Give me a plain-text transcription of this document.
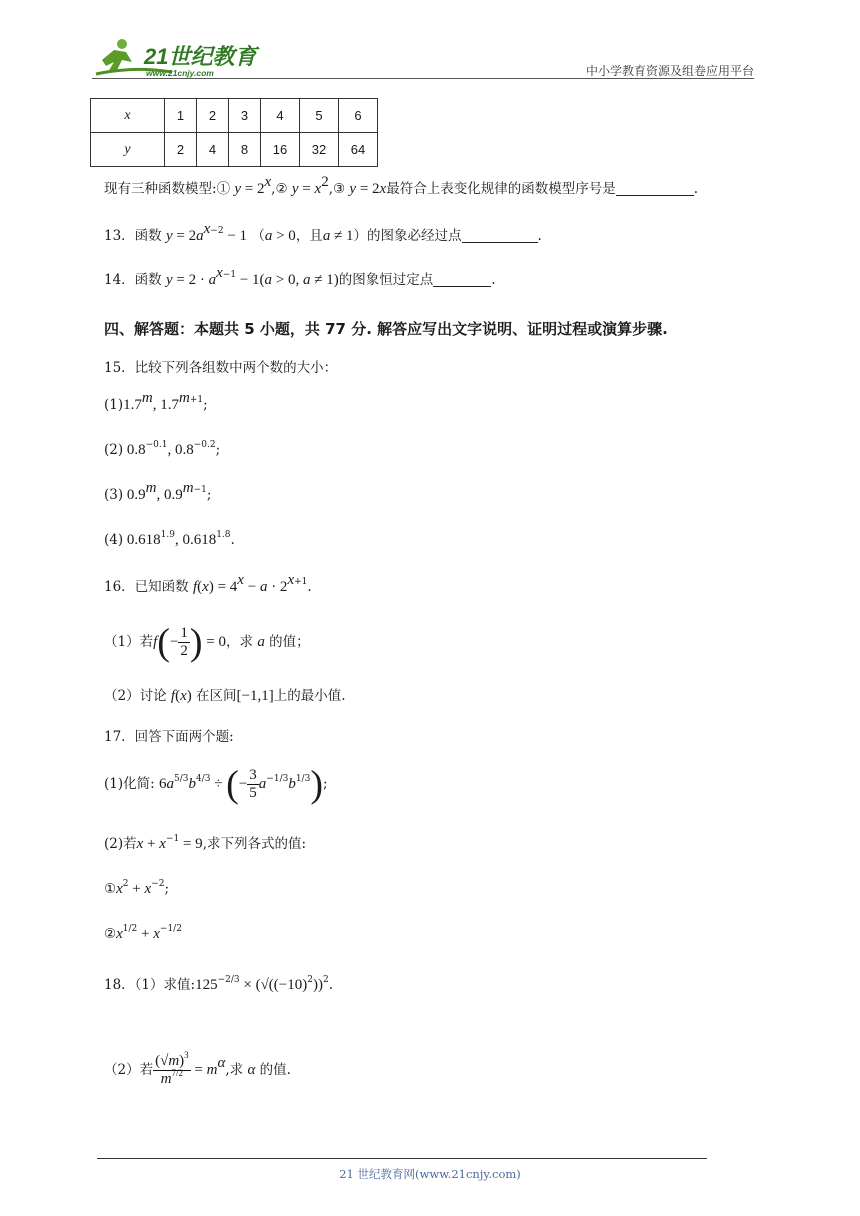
21世纪教育
www.21cnjy.com	中小学教育资源及组卷应用平台
x	1	2	3	4	5	6
y	2	4	8	16	32	64
现有三种函数模型:① $y = 2^x,②$ $y = x^2,③$ y = 2x最符合上表变化规律的函数模型序号是	.
13．函数 $y = 2a^{x-2} - 1$ （a > 0，且a ≠ 1）的图象必经过点	.
14．函数 $y = 2 \cdot a^{x-1} - 1(a > 0$, a ≠ 1)的图象恒过定点	.
四、解答题：本题共 5 小题，共 77 分. 解答应写出文字说明、证明过程或演算步骤.
15．比较下列各组数中两个数的大小：
(1)1.7$^m$, $1.7^{m+1}$;
(2) $0.8^{-0.1}$, $0.8^{-0.2}$;
(3) 0.9$^m$, $0.9^{m-1}$;
(4) $0.618^{1.9}$, $0.618^{1.8}$.
16．已知函数 $f(x) = 4^x - a \cdot 2^{x+1}$.
（1）若$f(- \frac{1}{2}$ ) = 0，求 a 的值；
（2）讨论 f(x) 在区间[−1,1]上的最小值.
17．回答下面两个题:
(1)化简: $6a^{5/3}b^{4/3}$ ÷ (− $\frac{3}{5} a^{-1/3}b^{1/3}$);
(2)若$x + x^{-1} = 9$,求下列各式的值:
$①x^2 + x^{-2}$;
$②x^{1/2} + x^{-1/2}$
18．（1）求值$:125^{-2/3} \times (√((-10)^2))^2$.
（2）若 $\frac{(√m)^3}{m^{7/2}} = m^\alpha$,求 α 的值.
21 世纪教育网(www.21cnjy.com)
